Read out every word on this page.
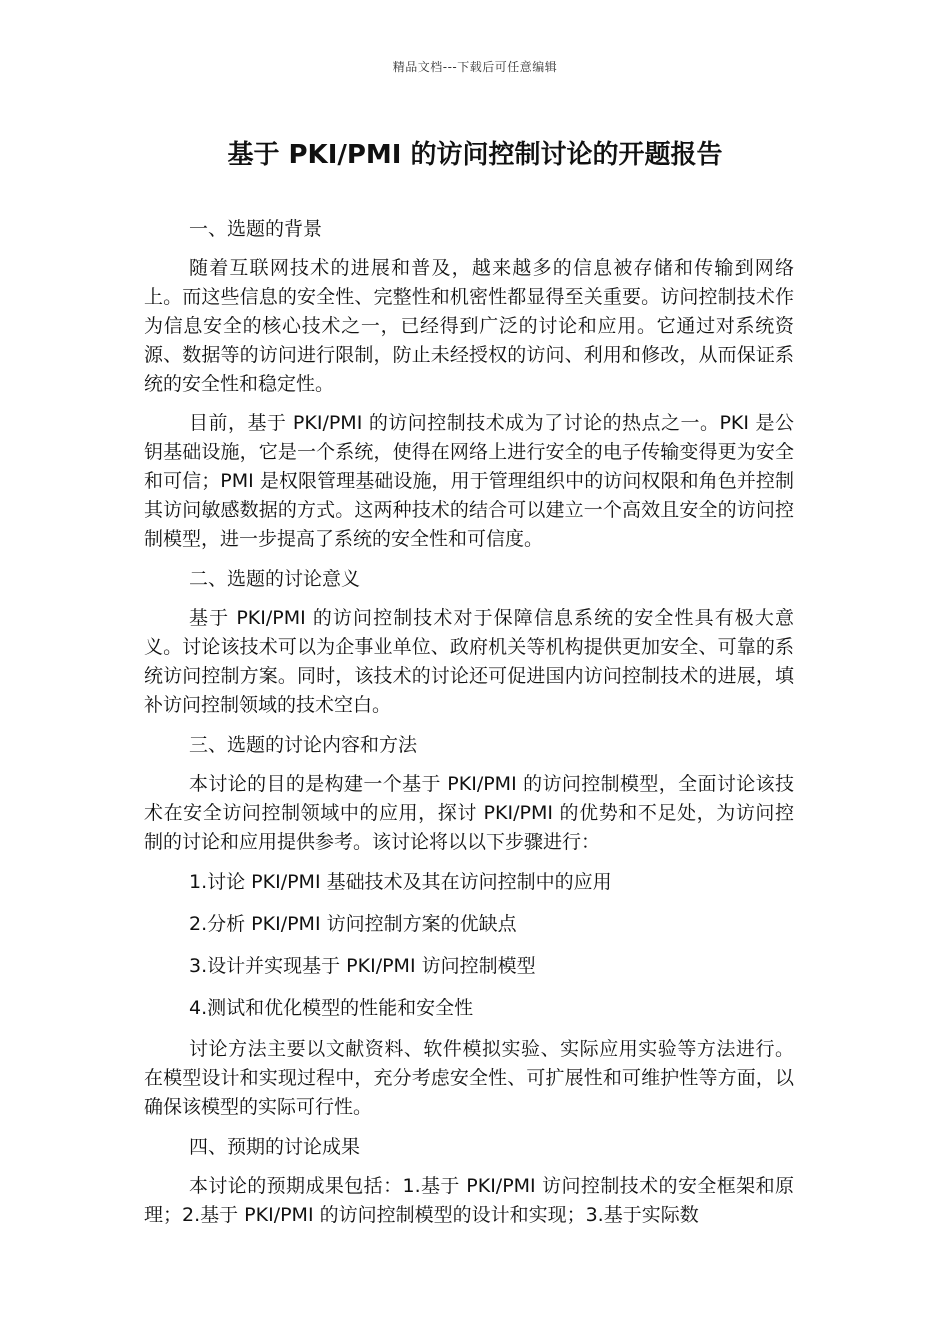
精品文档---下载后可任意编辑
基于 PKI/PMI 的访问控制讨论的开题报告
一、选题的背景

随着互联网技术的进展和普及，越来越多的信息被存储和传输到网络上。而这些信息的安全性、完整性和机密性都显得至关重要。访问控制技术作为信息安全的核心技术之一，已经得到广泛的讨论和应用。它通过对系统资源、数据等的访问进行限制，防止未经授权的访问、利用和修改，从而保证系统的安全性和稳定性。

目前，基于 PKI/PMI 的访问控制技术成为了讨论的热点之一。PKI 是公钥基础设施，它是一个系统，使得在网络上进行安全的电子传输变得更为安全和可信；PMI 是权限管理基础设施，用于管理组织中的访问权限和角色并控制其访问敏感数据的方式。这两种技术的结合可以建立一个高效且安全的访问控制模型，进一步提高了系统的安全性和可信度。

二、选题的讨论意义

基于 PKI/PMI 的访问控制技术对于保障信息系统的安全性具有极大意义。讨论该技术可以为企事业单位、政府机关等机构提供更加安全、可靠的系统访问控制方案。同时，该技术的讨论还可促进国内访问控制技术的进展，填补访问控制领域的技术空白。

三、选题的讨论内容和方法

本讨论的目的是构建一个基于 PKI/PMI 的访问控制模型，全面讨论该技术在安全访问控制领域中的应用，探讨 PKI/PMI 的优势和不足处，为访问控制的讨论和应用提供参考。该讨论将以以下步骤进行：

1.讨论 PKI/PMI 基础技术及其在访问控制中的应用
2.分析 PKI/PMI 访问控制方案的优缺点
3.设计并实现基于 PKI/PMI 访问控制模型
4.测试和优化模型的性能和安全性

讨论方法主要以文献资料、软件模拟实验、实际应用实验等方法进行。在模型设计和实现过程中，充分考虑安全性、可扩展性和可维护性等方面，以确保该模型的实际可行性。

四、预期的讨论成果

本讨论的预期成果包括：1.基于 PKI/PMI 访问控制技术的安全框架和原理；2.基于 PKI/PMI 的访问控制模型的设计和实现；3.基于实际数
